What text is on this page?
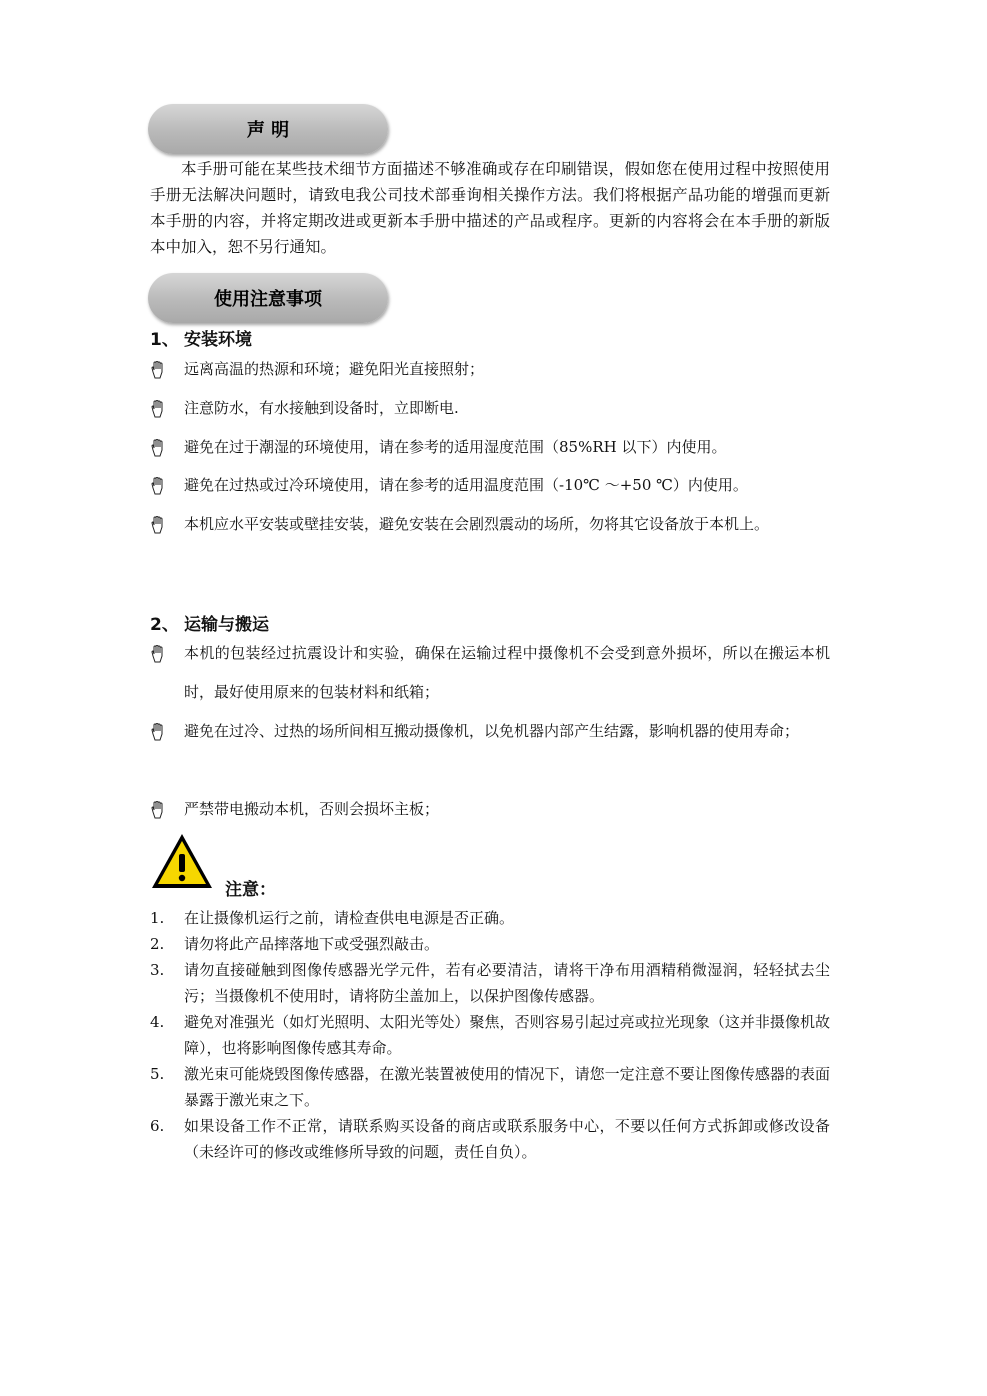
声 明

本手册可能在某些技术细节方面描述不够准确或存在印刷错误，假如您在使用过程中按照使用手册无法解决问题时，请致电我公司技术部垂询相关操作方法。我们将根据产品功能的增强而更新本手册的内容，并将定期改进或更新本手册中描述的产品或程序。更新的内容将会在本手册的新版本中加入，恕不另行通知。

使用注意事项
1、 安装环境
远离高温的热源和环境；避免阳光直接照射；
注意防水，有水接触到设备时，立即断电.
避免在过于潮湿的环境使用，请在参考的适用湿度范围（85%RH 以下）内使用。
避免在过热或过冷环境使用，请在参考的适用温度范围（-10℃ ～+50 ℃）内使用。
本机应水平安装或壁挂安装，避免安装在会剧烈震动的场所，勿将其它设备放于本机上。
2、 运输与搬运
本机的包装经过抗震设计和实验，确保在运输过程中摄像机不会受到意外损坏，所以在搬运本机时，最好使用原来的包装材料和纸箱；
避免在过冷、过热的场所间相互搬动摄像机，以免机器内部产生结露，影响机器的使用寿命；
严禁带电搬动本机，否则会损坏主板；
注意：
1. 在让摄像机运行之前，请检查供电电源是否正确。
2. 请勿将此产品摔落地下或受强烈敲击。
3. 请勿直接碰触到图像传感器光学元件，若有必要清洁，请将干净布用酒精稍微湿润，轻轻拭去尘污；当摄像机不使用时，请将防尘盖加上，以保护图像传感器。
4. 避免对准强光（如灯光照明、太阳光等处）聚焦，否则容易引起过亮或拉光现象（这并非摄像机故障），也将影响图像传感其寿命。
5. 激光束可能烧毁图像传感器，在激光装置被使用的情况下，请您一定注意不要让图像传感器的表面暴露于激光束之下。
6. 如果设备工作不正常，请联系购买设备的商店或联系服务中心，不要以任何方式拆卸或修改设备（未经许可的修改或维修所导致的问题，责任自负）。
